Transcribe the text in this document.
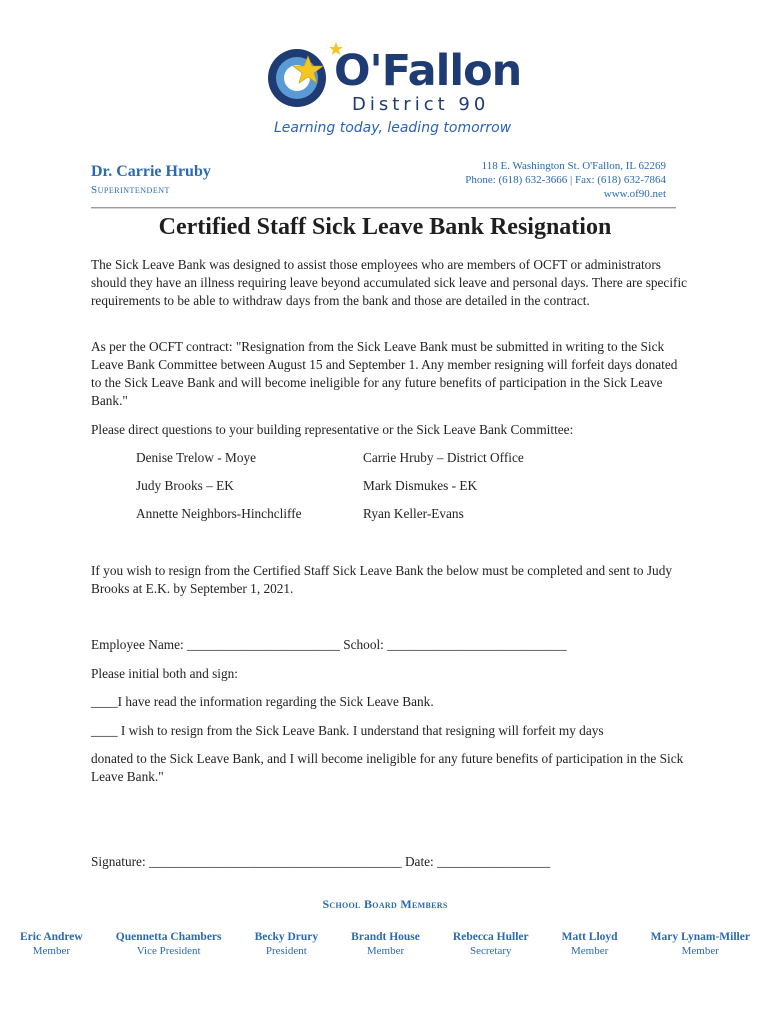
O'Fallon
District 90
Learning today, leading tomorrow
Dr. Carrie Hruby
Superintendent
118 E. Washington St. O'Fallon, IL 62269
Phone: (618) 632-3666 | Fax: (618) 632-7864
www.of90.net
Certified Staff Sick Leave Bank Resignation

The Sick Leave Bank was designed to assist those employees who are members of OCFT or administrators should they have an illness requiring leave beyond accumulated sick leave and personal days. There are specific requirements to be able to withdraw days from the bank and those are detailed in the contract.

As per the OCFT contract: "Resignation from the Sick Leave Bank must be submitted in writing to the Sick Leave Bank Committee between August 15 and September 1. Any member resigning will forfeit days donated to the Sick Leave Bank and will become ineligible for any future benefits of participation in the Sick Leave Bank."

Please direct questions to your building representative or the Sick Leave Bank Committee:

Denise Trelow - Moye	Carrie Hruby – District Office
Judy Brooks – EK	Mark Dismukes - EK
Annette Neighbors-Hinchcliffe	Ryan Keller-Evans

If you wish to resign from the Certified Staff Sick Leave Bank the below must be completed and sent to Judy Brooks at E.K. by September 1, 2021.

Employee Name: _______________________ School: ___________________________

Please initial both and sign:

____I have read the information regarding the Sick Leave Bank.

____ I wish to resign from the Sick Leave Bank. I understand that resigning will forfeit my days

donated to the Sick Leave Bank, and I will become ineligible for any future benefits of participation in the Sick Leave Bank."

Signature: ______________________________________ Date: _________________

School Board Members
Eric Andrew
Member
Quennetta Chambers
Vice President
Becky Drury
President
Brandt House
Member
Rebecca Huller
Secretary
Matt Lloyd
Member
Mary Lynam-Miller
Member
